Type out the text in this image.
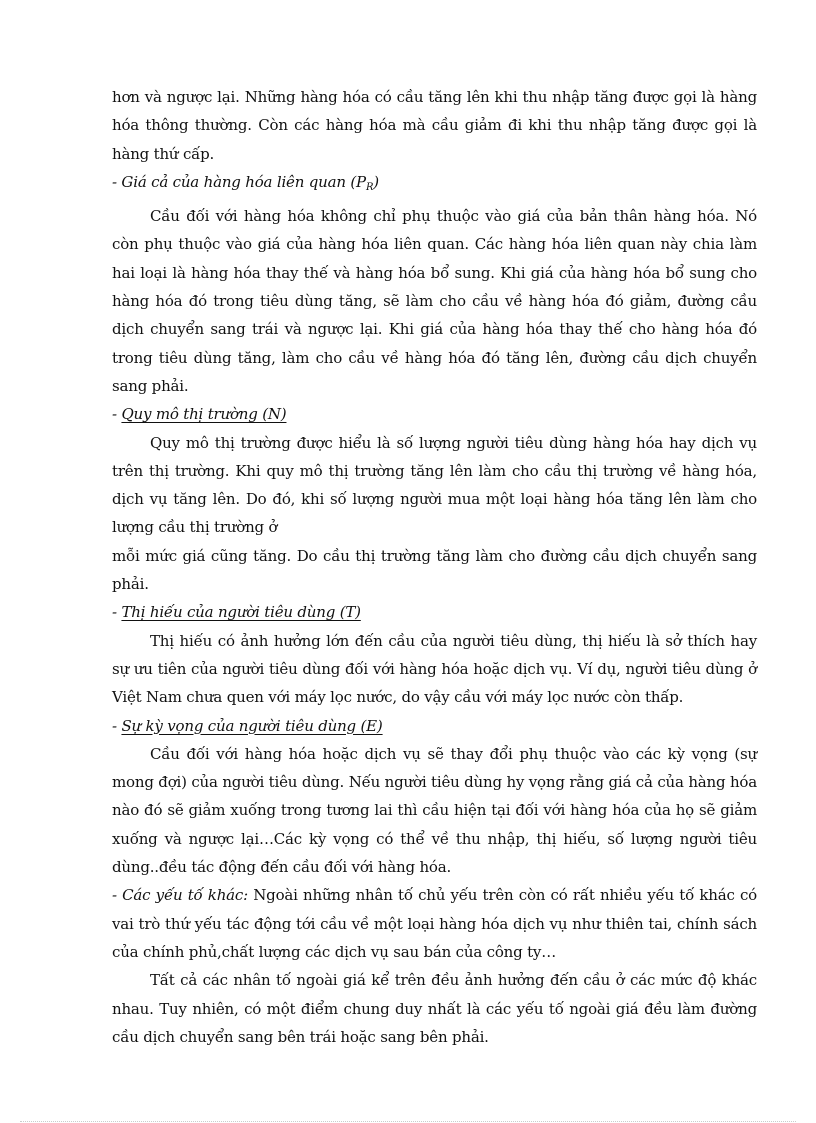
hơn và ngược lại. Những hàng hóa có cầu tăng lên khi thu nhập tăng được gọi là hàng hóa thông thường. Còn các hàng hóa mà cầu giảm đi khi thu nhập tăng được gọi là hàng thứ cấp.

- Giá cả của hàng hóa liên quan $(P_R)$

Cầu đối với hàng hóa không chỉ phụ thuộc vào giá của bản thân hàng hóa. Nó còn phụ thuộc vào giá của hàng hóa liên quan. Các hàng hóa liên quan này chia làm hai loại là hàng hóa thay thế và hàng hóa bổ sung. Khi giá của hàng hóa bổ sung cho hàng hóa đó trong tiêu dùng tăng, sẽ làm cho cầu về hàng hóa đó giảm, đường cầu dịch chuyển sang trái và ngược lại. Khi giá của hàng hóa thay thế cho hàng hóa đó trong tiêu dùng tăng, làm cho cầu về hàng hóa đó tăng lên, đường cầu dịch chuyển sang phải.

- Quy mô thị trường (N)

Quy mô thị trường được hiểu là số lượng người tiêu dùng hàng hóa hay dịch vụ trên thị trường. Khi quy mô thị trường tăng lên làm cho cầu thị trường về hàng hóa, dịch vụ tăng lên. Do đó, khi số lượng người mua một loại hàng hóa tăng lên làm cho lượng cầu thị trường ở

mỗi mức giá cũng tăng. Do cầu thị trường tăng làm cho đường cầu dịch chuyển sang phải.

- Thị hiếu của người tiêu dùng (T)

Thị hiếu có ảnh hưởng lớn đến cầu của người tiêu dùng, thị hiếu là sở thích hay sự ưu tiên của người tiêu dùng đối với hàng hóa hoặc dịch vụ. Ví dụ, người tiêu dùng ở Việt Nam chưa quen với máy lọc nước, do vậy cầu với máy lọc nước còn thấp.

- Sự kỳ vọng của người tiêu dùng (E)

Cầu đối với hàng hóa hoặc dịch vụ sẽ thay đổi phụ thuộc vào các kỳ vọng (sự mong đợi) của người tiêu dùng. Nếu người tiêu dùng hy vọng rằng giá cả của hàng hóa nào đó sẽ giảm xuống trong tương lai thì cầu hiện tại đối với hàng hóa của họ sẽ giảm xuống và ngược lại…Các kỳ vọng có thể về thu nhập, thị hiếu, số lượng người tiêu dùng..đều tác động đến cầu đối với hàng hóa.

- Các yếu tố khác: Ngoài những nhân tố chủ yếu trên còn có rất nhiều yếu tố khác có vai trò thứ yếu tác động tới cầu về một loại hàng hóa dịch vụ như thiên tai, chính sách của chính phủ,chất lượng các dịch vụ sau bán của công ty…

Tất cả các nhân tố ngoài giá kể trên đều ảnh hưởng đến cầu ở các mức độ khác nhau. Tuy nhiên, có một điểm chung duy nhất là các yếu tố ngoài giá đều làm đường cầu dịch chuyển sang bên trái hoặc sang bên phải.
